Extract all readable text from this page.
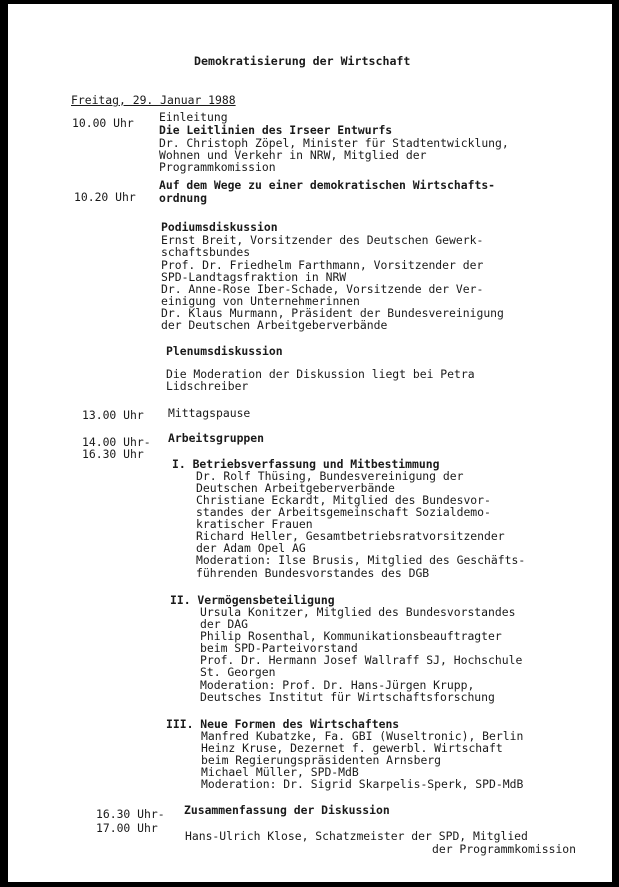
Demokratisierung der Wirtschaft
Freitag, 29. Januar 1988
10.00 Uhr Einleitung
Die Leitlinien des Irseer Entwurfs
Dr. Christoph Zöpel, Minister für Stadtentwicklung,
Wohnen und Verkehr in NRW, Mitglied der
Programmkomission
10.20 Uhr
Auf dem Wege zu einer demokratischen Wirtschafts-
ordnung
Podiumsdiskussion
Ernst Breit, Vorsitzender des Deutschen Gewerk-
schaftsbundes
Prof. Dr. Friedhelm Farthmann, Vorsitzender der
SPD-Landtagsfraktion in NRW
Dr. Anne-Rose Iber-Schade, Vorsitzende der Ver-
einigung von Unternehmerinnen
Dr. Klaus Murmann, Präsident der Bundesvereinigung
der Deutschen Arbeitgeberverbände
Plenumsdiskussion
Die Moderation der Diskussion liegt bei Petra
Lidschreiber
13.00 Uhr Mittagspause
14.00 Uhr-
16.30 Uhr
Arbeitsgruppen
I. Betriebsverfassung und Mitbestimmung
Dr. Rolf Thüsing, Bundesvereinigung der
Deutschen Arbeitgeberverbände
Christiane Eckardt, Mitglied des Bundesvor-
standes der Arbeitsgemeinschaft Sozialdemo-
kratischer Frauen
Richard Heller, Gesamtbetriebsratvorsitzender
der Adam Opel AG
Moderation: Ilse Brusis, Mitglied des Geschäfts-
führenden Bundesvorstandes des DGB
II. Vermögensbeteiligung
Ursula Konitzer, Mitglied des Bundesvorstandes
der DAG
Philip Rosenthal, Kommunikationsbeauftragter
beim SPD-Parteivorstand
Prof. Dr. Hermann Josef Wallraff SJ, Hochschule
St. Georgen
Moderation: Prof. Dr. Hans-Jürgen Krupp,
Deutsches Institut für Wirtschaftsforschung
III. Neue Formen des Wirtschaftens
Manfred Kubatzke, Fa. GBI (Wuseltronic), Berlin
Heinz Kruse, Dezernet f. gewerbl. Wirtschaft
beim Regierungspräsidenten Arnsberg
Michael Müller, SPD-MdB
Moderation: Dr. Sigrid Skarpelis-Sperk, SPD-MdB
16.30 Uhr-
17.00 Uhr
Zusammenfassung der Diskussion
Hans-Ulrich Klose, Schatzmeister der SPD, Mitglied
der Programmkomission
